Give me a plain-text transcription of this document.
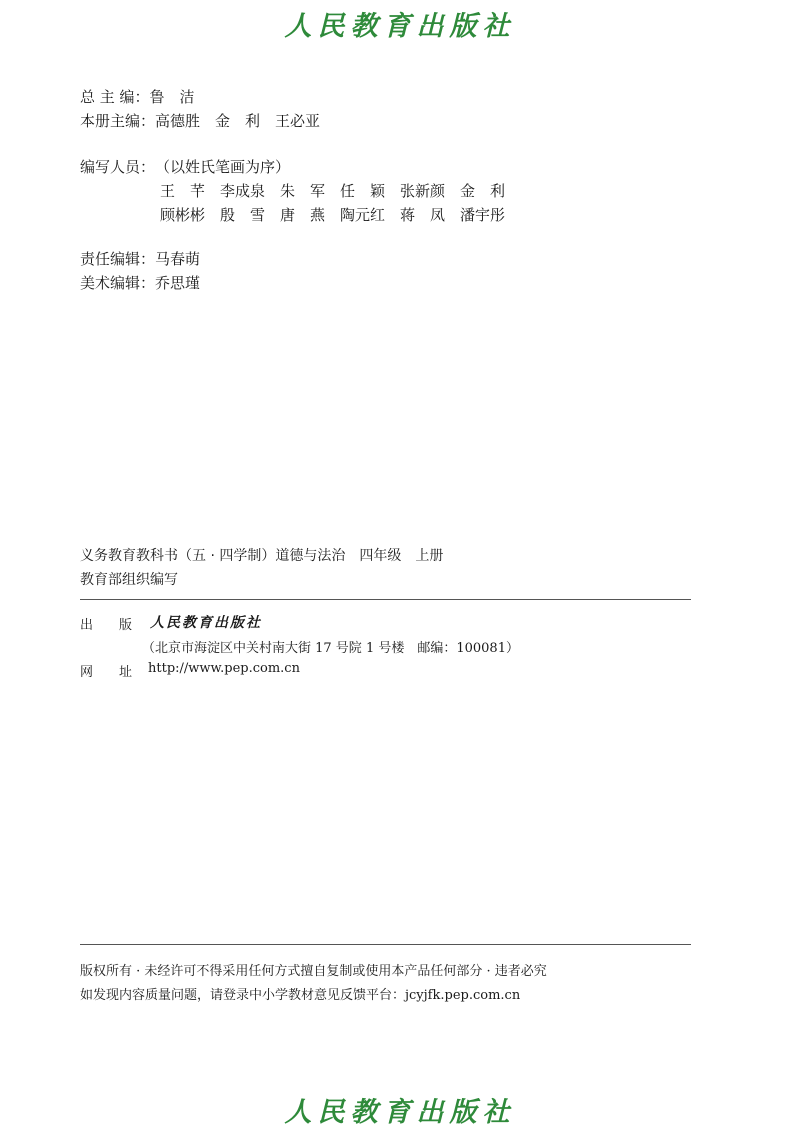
人民教育出版社
总 主 编：鲁　洁
本册主编：高德胜　金　利　王必亚
编写人员：（以姓氏笔画为序）
王　芊　李成泉　朱　军　任　颖　张新颜　金　利
顾彬彬　殷　雪　唐　燕　陶元红　蒋　凤　潘宇彤
责任编辑：马春萌
美术编辑：乔思瑾
义务教育教科书（五 · 四学制）道德与法治　四年级　上册
教育部组织编写
出　　版 人民教育出版社
（北京市海淀区中关村南大街 17 号院 1 号楼　邮编：100081）
网　　址 http://www.pep.com.cn
版权所有 · 未经许可不得采用任何方式擅自复制或使用本产品任何部分 · 违者必究
如发现内容质量问题，请登录中小学教材意见反馈平台：jcyjfk.pep.com.cn
人民教育出版社
